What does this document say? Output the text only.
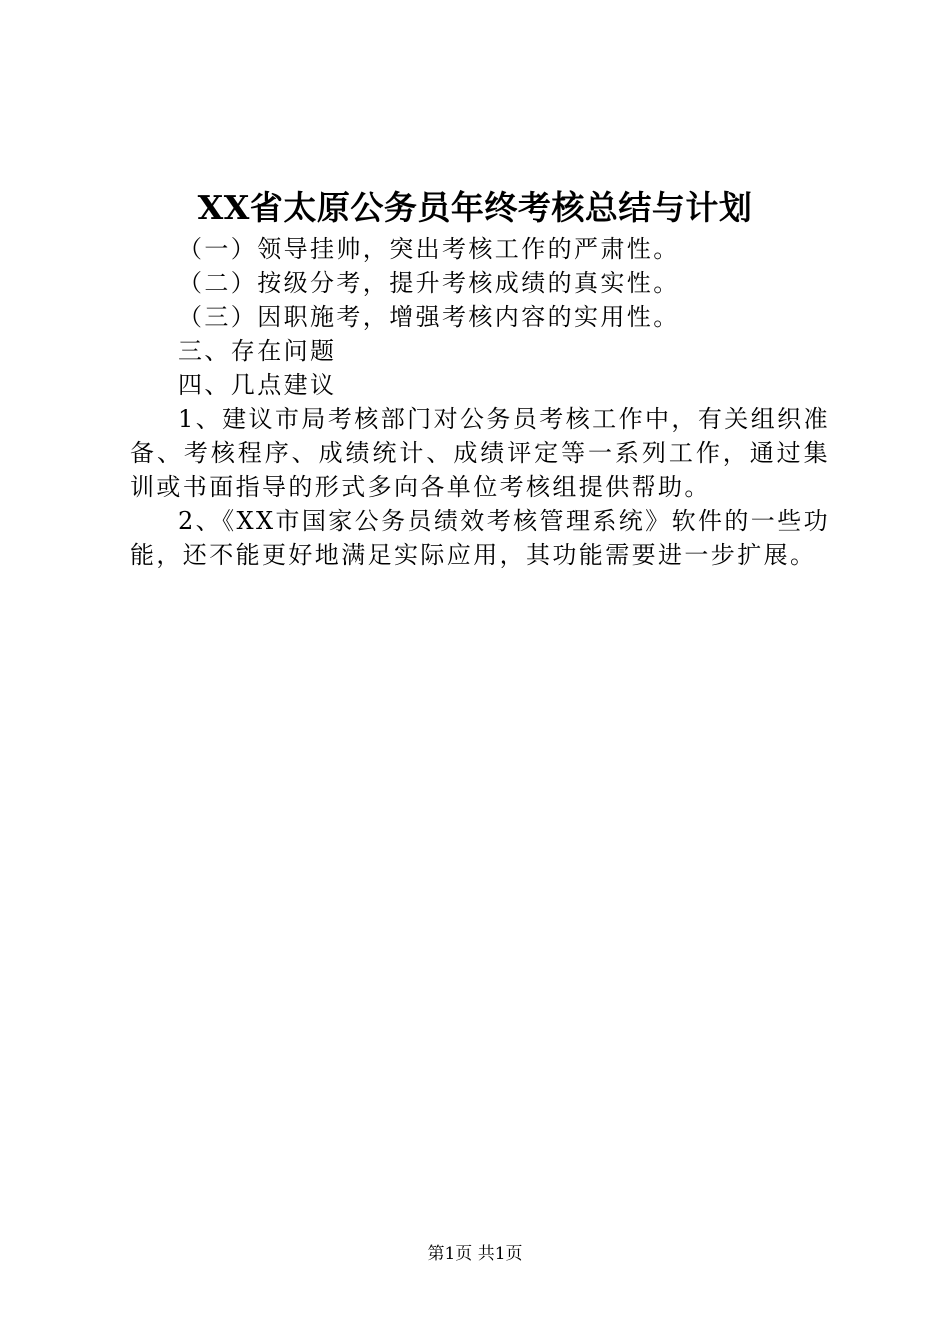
XX省太原公务员年终考核总结与计划
（一）领导挂帅，突出考核工作的严肃性。
（二）按级分考，提升考核成绩的真实性。
（三）因职施考，增强考核内容的实用性。
三、存在问题
四、几点建议

1、建议市局考核部门对公务员考核工作中，有关组织准备、考核程序、成绩统计、成绩评定等一系列工作，通过集训或书面指导的形式多向各单位考核组提供帮助。

2、《XX市国家公务员绩效考核管理系统》软件的一些功能，还不能更好地满足实际应用，其功能需要进一步扩展。

第1页 共1页
